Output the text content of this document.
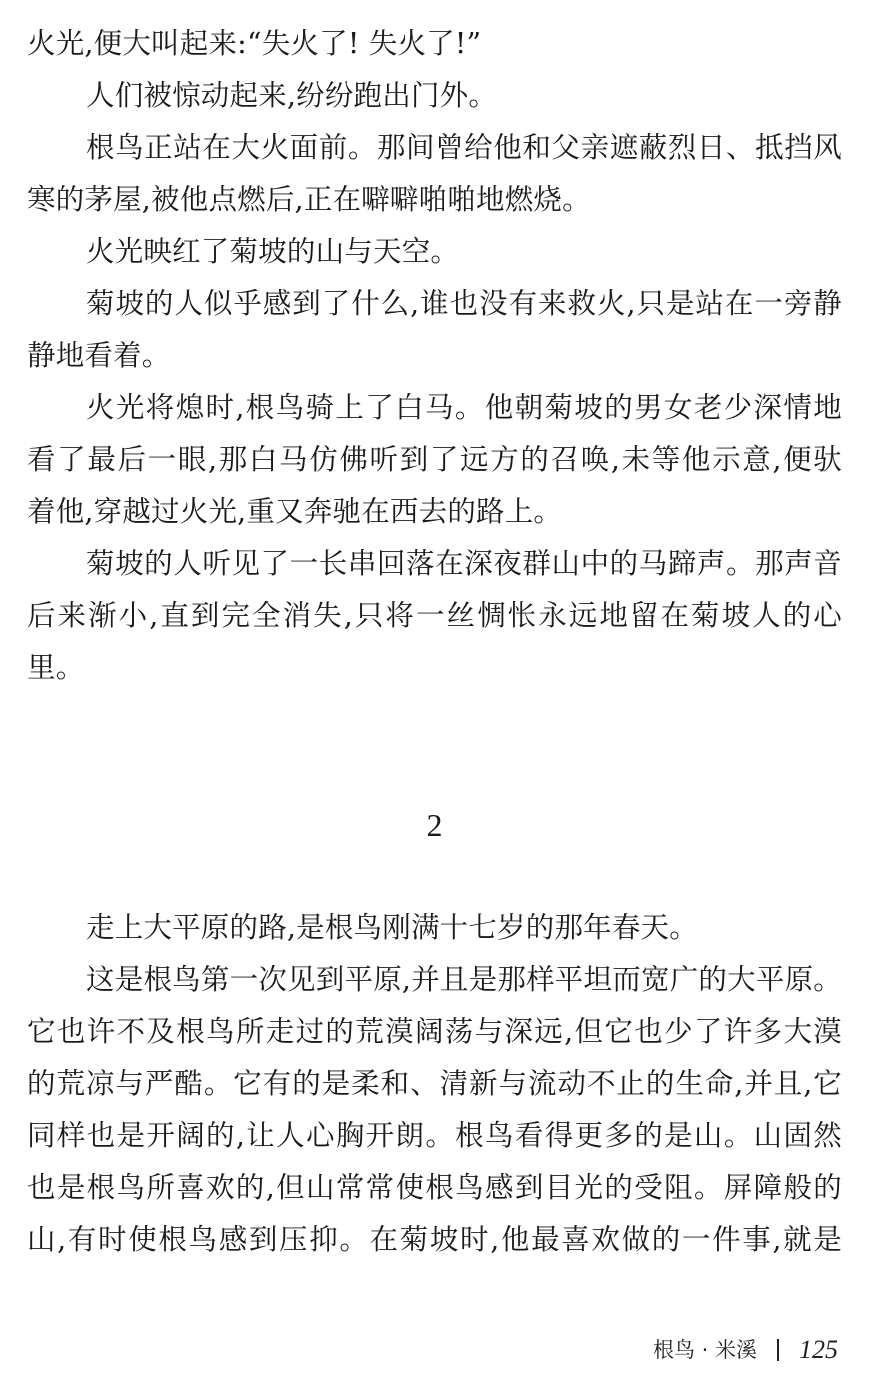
火光,便大叫起来:“失火了! 失火了!”
人们被惊动起来,纷纷跑出门外。
根鸟正站在大火面前。那间曾给他和父亲遮蔽烈日、抵挡风
寒的茅屋,被他点燃后,正在噼噼啪啪地燃烧。
火光映红了菊坡的山与天空。
菊坡的人似乎感到了什么,谁也没有来救火,只是站在一旁静
静地看着。
火光将熄时,根鸟骑上了白马。他朝菊坡的男女老少深情地
看了最后一眼,那白马仿佛听到了远方的召唤,未等他示意,便驮
着他,穿越过火光,重又奔驰在西去的路上。
菊坡的人听见了一长串回落在深夜群山中的马蹄声。那声音
后来渐小,直到完全消失,只将一丝惆怅永远地留在菊坡人的心
里。
2
走上大平原的路,是根鸟刚满十七岁的那年春天。
这是根鸟第一次见到平原,并且是那样平坦而宽广的大平原。
它也许不及根鸟所走过的荒漠阔荡与深远,但它也少了许多大漠
的荒凉与严酷。它有的是柔和、清新与流动不止的生命,并且,它
同样也是开阔的,让人心胸开朗。根鸟看得更多的是山。山固然
也是根鸟所喜欢的,但山常常使根鸟感到目光的受阻。屏障般的
山,有时使根鸟感到压抑。在菊坡时,他最喜欢做的一件事,就是
根鸟 · 米溪 125
